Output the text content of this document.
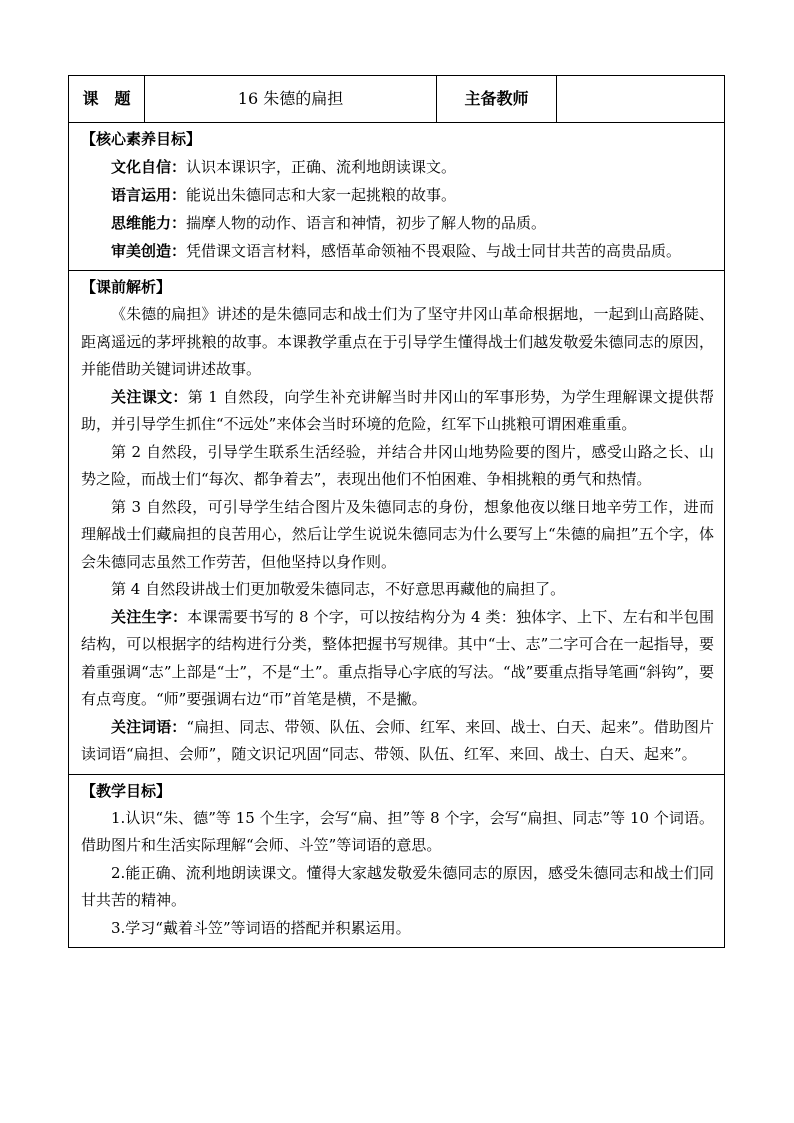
课　题	16 朱德的扁担	主备教师

【核心素养目标】

文化自信：认识本课识字，正确、流利地朗读课文。

语言运用：能说出朱德同志和大家一起挑粮的故事。

思维能力：揣摩人物的动作、语言和神情，初步了解人物的品质。

审美创造：凭借课文语言材料，感悟革命领袖不畏艰险、与战士同甘共苦的高贵品质。

【课前解析】

《朱德的扁担》讲述的是朱德同志和战士们为了坚守井冈山革命根据地，一起到山高路陡、距离遥远的茅坪挑粮的故事。本课教学重点在于引导学生懂得战士们越发敬爱朱德同志的原因，并能借助关键词讲述故事。

关注课文：第 1 自然段，向学生补充讲解当时井冈山的军事形势，为学生理解课文提供帮助，并引导学生抓住“不远处”来体会当时环境的危险，红军下山挑粮可谓困难重重。

第 2 自然段，引导学生联系生活经验，并结合井冈山地势险要的图片，感受山路之长、山势之险，而战士们“每次、都争着去”，表现出他们不怕困难、争相挑粮的勇气和热情。

第 3 自然段，可引导学生结合图片及朱德同志的身份，想象他夜以继日地辛劳工作，进而理解战士们藏扁担的良苦用心，然后让学生说说朱德同志为什么要写上“朱德的扁担”五个字，体会朱德同志虽然工作劳苦，但他坚持以身作则。

第 4 自然段讲战士们更加敬爱朱德同志，不好意思再藏他的扁担了。

关注生字：本课需要书写的 8 个字，可以按结构分为 4 类：独体字、上下、左右和半包围结构，可以根据字的结构进行分类，整体把握书写规律。其中“士、志”二字可合在一起指导，要着重强调“志”上部是“士”，不是“土”。重点指导心字底的写法。“战”要重点指导笔画“斜钩”，要有点弯度。“师”要强调右边“帀”首笔是横，不是撇。

关注词语：“扁担、同志、带领、队伍、会师、红军、来回、战士、白天、起来”。借助图片读词语“扁担、会师”，随文识记巩固“同志、带领、队伍、红军、来回、战士、白天、起来”。

【教学目标】

1.认识“朱、德”等 15 个生字，会写“扁、担”等 8 个字，会写“扁担、同志”等 10 个词语。借助图片和生活实际理解“会师、斗笠”等词语的意思。

2.能正确、流利地朗读课文。懂得大家越发敬爱朱德同志的原因，感受朱德同志和战士们同甘共苦的精神。

3.学习“戴着斗笠”等词语的搭配并积累运用。
